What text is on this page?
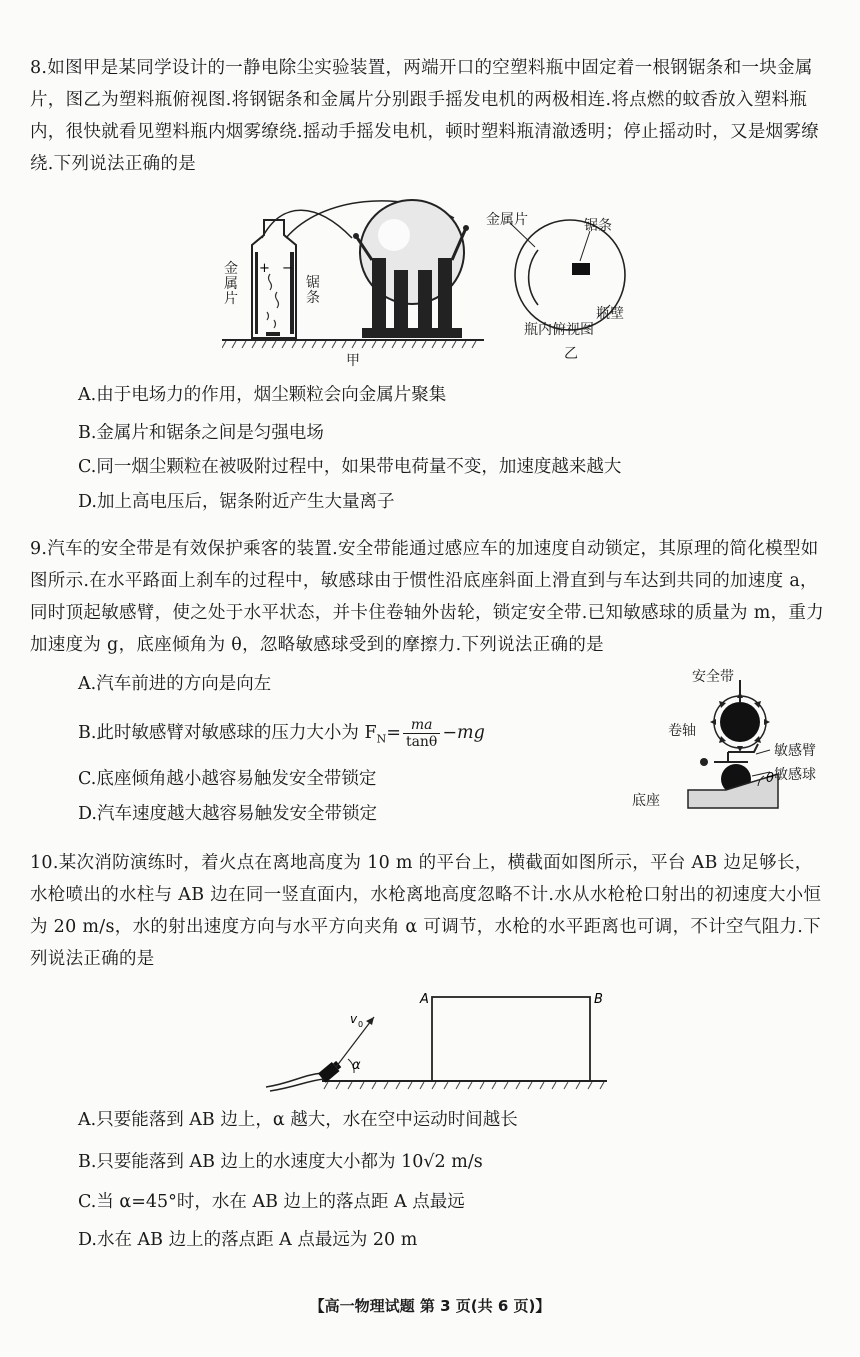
8.如图甲是某同学设计的一静电除尘实验装置，两端开口的空塑料瓶中固定着一根钢锯条和一块金属片，图乙为塑料瓶俯视图.将钢锯条和金属片分别跟手摇发电机的两极相连.将点燃的蚊香放入塑料瓶内，很快就看见塑料瓶内烟雾缭绕.摇动手摇发电机，顿时塑料瓶清澈透明；停止摇动时，又是烟雾缭绕.下列说法正确的是

+ −
金属片
锯条
甲
金属片	锯条
瓶壁
瓶内俯视图
乙
A.由于电场力的作用，烟尘颗粒会向金属片聚集
B.金属片和锯条之间是匀强电场
C.同一烟尘颗粒在被吸附过程中，如果带电荷量不变，加速度越来越大
D.加上高电压后，锯条附近产生大量离子

9.汽车的安全带是有效保护乘客的装置.安全带能通过感应车的加速度自动锁定，其原理的简化模型如图所示.在水平路面上刹车的过程中，敏感球由于惯性沿底座斜面上滑直到与车达到共同的加速度 a，同时顶起敏感臂，使之处于水平状态，并卡住卷轴外齿轮，锁定安全带.已知敏感球的质量为 m，重力加速度为 g，底座倾角为 θ，忽略敏感球受到的摩擦力.下列说法正确的是

A.汽车前进的方向是向左
B.此时敏感臂对敏感球的压力大小为 $F_N= \frac{ma}{\tan\theta} -mg$
C.底座倾角越小越容易触发安全带锁定
D.汽车速度越大越容易触发安全带锁定
θ
安全带
卷轴
敏感臂
敏感球
底座

10.某次消防演练时，着火点在离地高度为 10 m 的平台上，横截面如图所示，平台 AB 边足够长，水枪喷出的水柱与 AB 边在同一竖直面内，水枪离地高度忽略不计.水从水枪枪口射出的初速度大小恒为 20 m/s，水的射出速度方向与水平方向夹角 α 可调节，水枪的水平距离也可调，不计空气阻力.下列说法正确的是

α
v 0
A	B
A.只要能落到 AB 边上，α 越大，水在空中运动时间越长
B.只要能落到 AB 边上的水速度大小都为 10√2 m/s
C.当 α=45°时，水在 AB 边上的落点距 A 点最远
D.水在 AB 边上的落点距 A 点最远为 20 m
【高一物理试题 第 3 页(共 6 页)】
